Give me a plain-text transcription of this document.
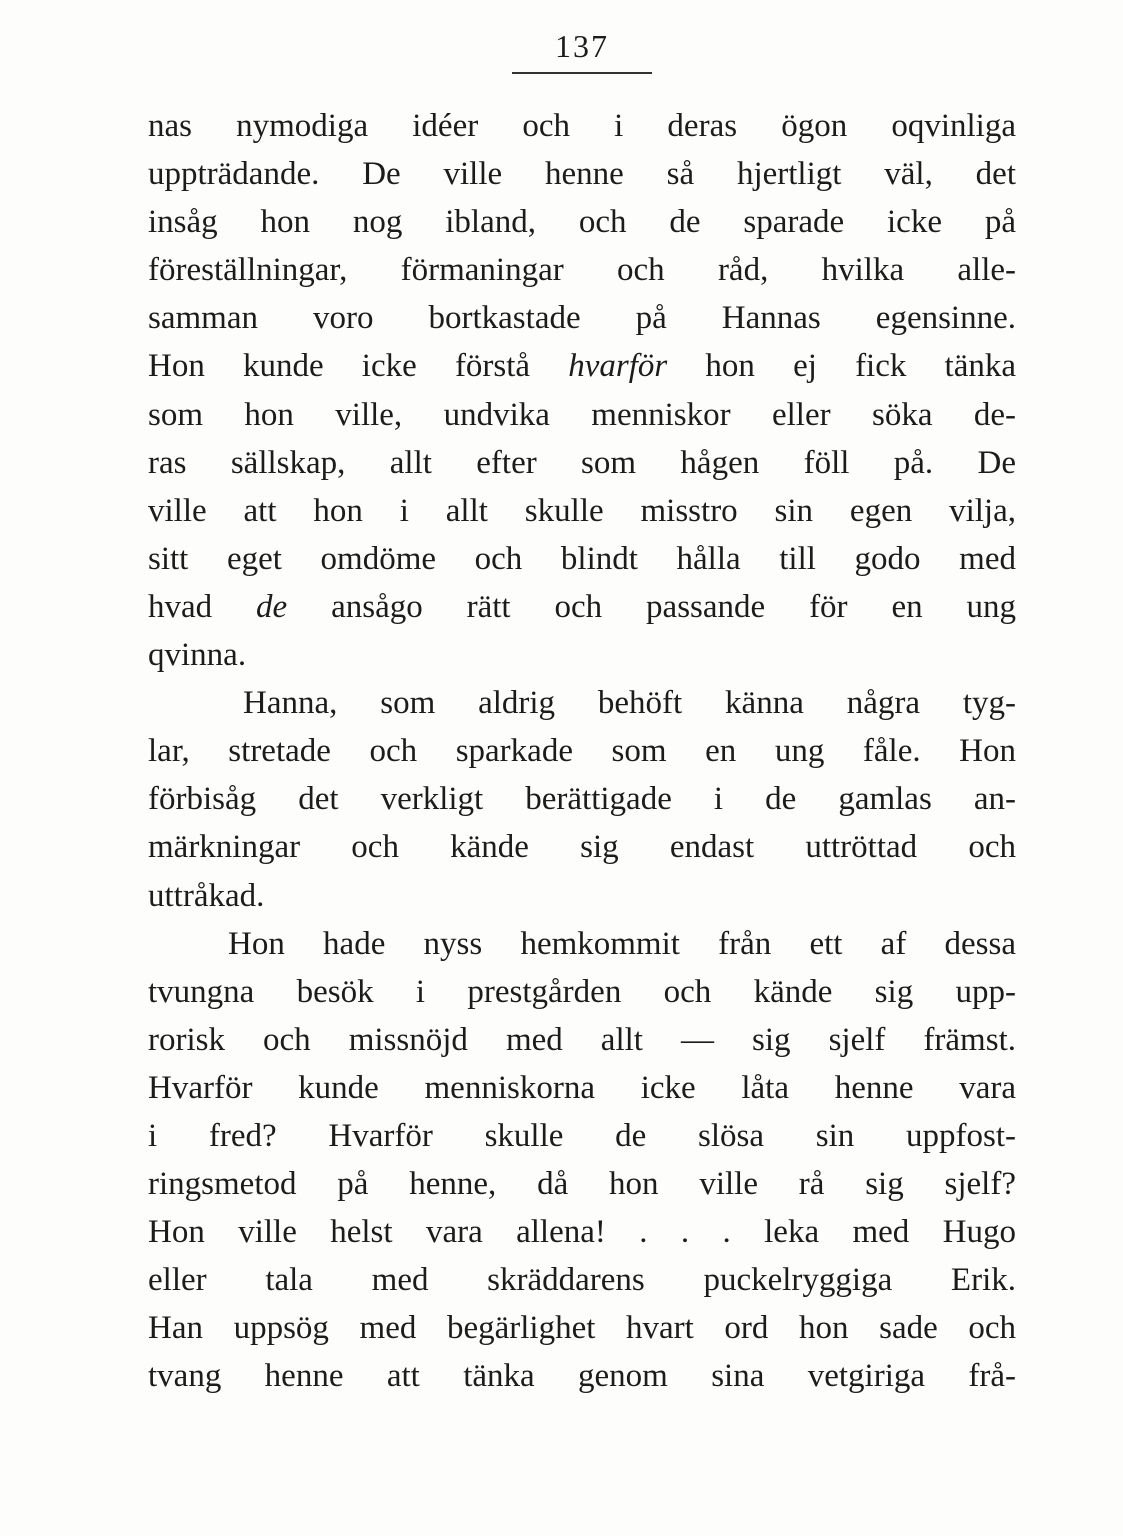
137
nas nymodiga idéer och i deras ögon oqvinliga
uppträdande. De ville henne så hjertligt väl, det
insåg hon nog ibland, och de sparade icke på
föreställningar, förmaningar och råd, hvilka alle-
samman voro bortkastade på Hannas egensinne.
Hon kunde icke förstå hvarför hon ej fick tänka
som hon ville, undvika menniskor eller söka de-
ras sällskap, allt efter som hågen föll på. De
ville att hon i allt skulle misstro sin egen vilja,
sitt eget omdöme och blindt hålla till godo med
hvad de ansågo rätt och passande för en ung
qvinna.
Hanna, som aldrig behöft känna några tyg-
lar, stretade och sparkade som en ung fåle. Hon
förbisåg det verkligt berättigade i de gamlas an-
märkningar och kände sig endast uttröttad och
uttråkad.
Hon hade nyss hemkommit från ett af dessa
tvungna besök i prestgården och kände sig upp-
rorisk och missnöjd med allt — sig sjelf främst.
Hvarför kunde menniskorna icke låta henne vara
i fred? Hvarför skulle de slösa sin uppfost-
ringsmetod på henne, då hon ville rå sig sjelf?
Hon ville helst vara allena! . . . leka med Hugo
eller tala med skräddarens puckelryggiga Erik.
Han uppsög med begärlighet hvart ord hon sade och
tvang henne att tänka genom sina vetgiriga frå-
